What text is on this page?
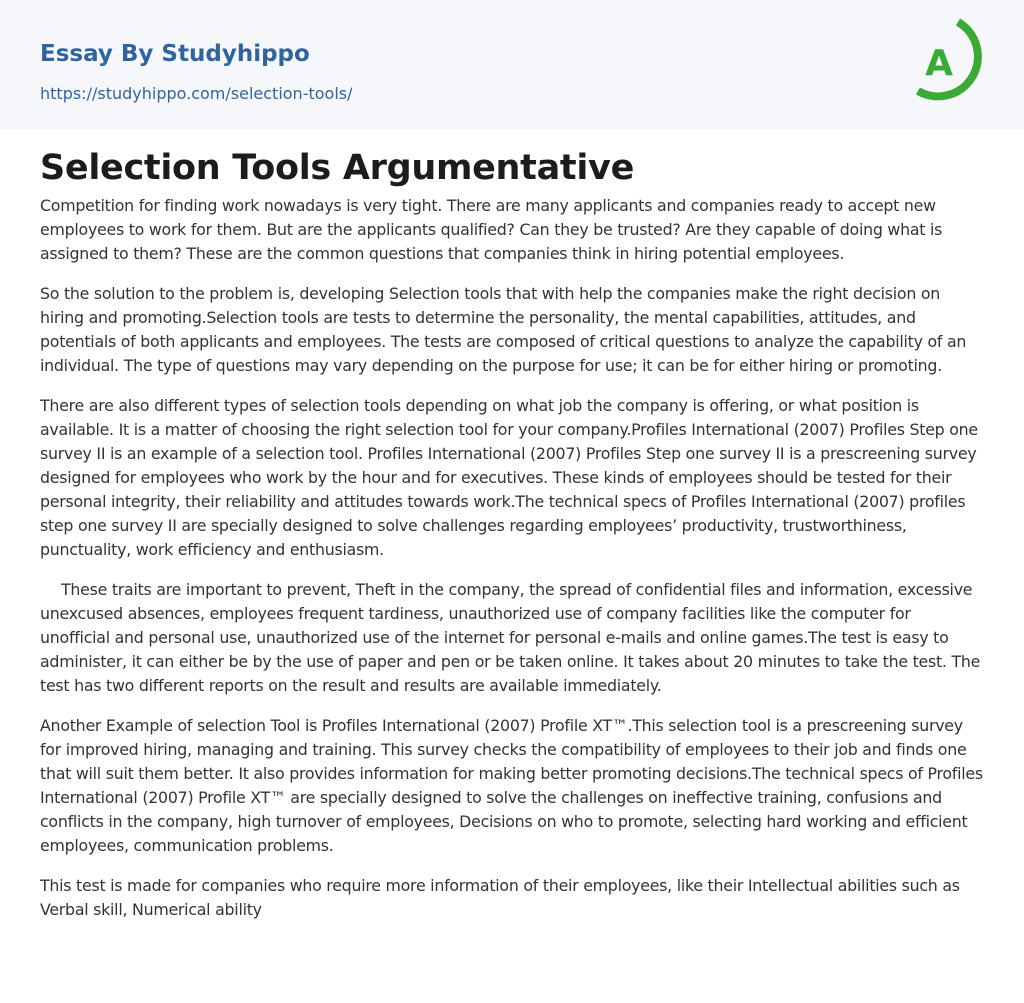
Essay By Studyhippo
https://studyhippo.com/selection-tools/
A
Selection Tools Argumentative

Competition for finding work nowadays is very tight. There are many applicants and companies ready to accept new employees to work for them. But are the applicants qualified? Can they be trusted? Are they capable of doing what is assigned to them? These are the common questions that companies think in hiring potential employees.

So the solution to the problem is, developing Selection tools that with help the companies make the right decision on hiring and promoting.Selection tools are tests to determine the personality, the mental capabilities, attitudes, and potentials of both applicants and employees. The tests are composed of critical questions to analyze the capability of an individual. The type of questions may vary depending on the purpose for use; it can be for either hiring or promoting.

There are also different types of selection tools depending on what job the company is offering, or what position is available. It is a matter of choosing the right selection tool for your company.Profiles International (2007) Profiles Step one survey II is an example of a selection tool. Profiles International (2007) Profiles Step one survey II is a prescreening survey designed for employees who work by the hour and for executives. These kinds of employees should be tested for their personal integrity, their reliability and attitudes towards work.The technical specs of Profiles International (2007) profiles step one survey II are specially designed to solve challenges regarding employees’ productivity, trustworthiness, punctuality, work efficiency and enthusiasm.

These traits are important to prevent, Theft in the company, the spread of confidential files and information, excessive unexcused absences, employees frequent tardiness, unauthorized use of company facilities like the computer for unofficial and personal use, unauthorized use of the internet for personal e-mails and online games.The test is easy to administer, it can either be by the use of paper and pen or be taken online. It takes about 20 minutes to take the test. The test has two different reports on the result and results are available immediately.

Another Example of selection Tool is Profiles International (2007) Profile XT™.This selection tool is a prescreening survey for improved hiring, managing and training. This survey checks the compatibility of employees to their job and finds one that will suit them better. It also provides information for making better promoting decisions.The technical specs of Profiles International (2007) Profile XT™ are specially designed to solve the challenges on ineffective training, confusions and conflicts in the company, high turnover of employees, Decisions on who to promote, selecting hard working and efficient employees, communication problems.

This test is made for companies who require more information of their employees, like their Intellectual abilities such as Verbal skill, Numerical ability
